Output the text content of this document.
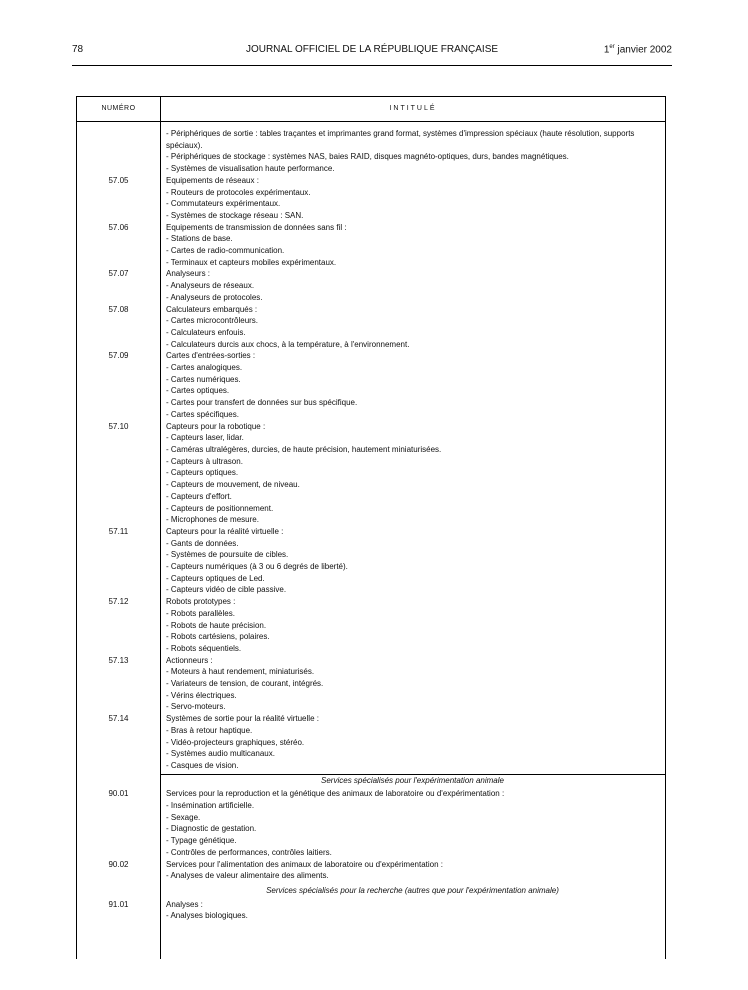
78	JOURNAL OFFICIEL DE LA RÉPUBLIQUE FRANÇAISE	1er janvier 2002
NUMÉRO	INTITULÉ
- Périphériques de sortie : tables traçantes et imprimantes grand format, systèmes d'impression spéciaux (haute résolution, supports
spéciaux).
- Périphériques de stockage : systèmes NAS, baies RAID, disques magnéto-optiques, durs, bandes magnétiques.
- Systèmes de visualisation haute performance.
57.05	Equipements de réseaux :
- Routeurs de protocoles expérimentaux.
- Commutateurs expérimentaux.
- Systèmes de stockage réseau : SAN.
57.06	Equipements de transmission de données sans fil :
- Stations de base.
- Cartes de radio-communication.
- Terminaux et capteurs mobiles expérimentaux.
57.07	Analyseurs :
- Analyseurs de réseaux.
- Analyseurs de protocoles.
57.08	Calculateurs embarqués :
- Cartes microcontrôleurs.
- Calculateurs enfouis.
- Calculateurs durcis aux chocs, à la température, à l'environnement.
57.09	Cartes d'entrées-sorties :
- Cartes analogiques.
- Cartes numériques.
- Cartes optiques.
- Cartes pour transfert de données sur bus spécifique.
- Cartes spécifiques.
57.10	Capteurs pour la robotique :
- Capteurs laser, lidar.
- Caméras ultralégères, durcies, de haute précision, hautement miniaturisées.
- Capteurs à ultrason.
- Capteurs optiques.
- Capteurs de mouvement, de niveau.
- Capteurs d'effort.
- Capteurs de positionnement.
- Microphones de mesure.
57.11	Capteurs pour la réalité virtuelle :
- Gants de données.
- Systèmes de poursuite de cibles.
- Capteurs numériques (à 3 ou 6 degrés de liberté).
- Capteurs optiques de Led.
- Capteurs vidéo de cible passive.
57.12	Robots prototypes :
- Robots parallèles.
- Robots de haute précision.
- Robots cartésiens, polaires.
- Robots séquentiels.
57.13	Actionneurs :
- Moteurs à haut rendement, miniaturisés.
- Variateurs de tension, de courant, intégrés.
- Vérins électriques.
- Servo-moteurs.
57.14	Systèmes de sortie pour la réalité virtuelle :
- Bras à retour haptique.
- Vidéo-projecteurs graphiques, stéréo.
- Systèmes audio multicanaux.
- Casques de vision.
Services spécialisés pour l'expérimentation animale
90.01	Services pour la reproduction et la génétique des animaux de laboratoire ou d'expérimentation :
- Insémination artificielle.
- Sexage.
- Diagnostic de gestation.
- Typage génétique.
- Contrôles de performances, contrôles laitiers.
90.02	Services pour l'alimentation des animaux de laboratoire ou d'expérimentation :
- Analyses de valeur alimentaire des aliments.
Services spécialisés pour la recherche (autres que pour l'expérimentation animale)
91.01	Analyses :
- Analyses biologiques.
